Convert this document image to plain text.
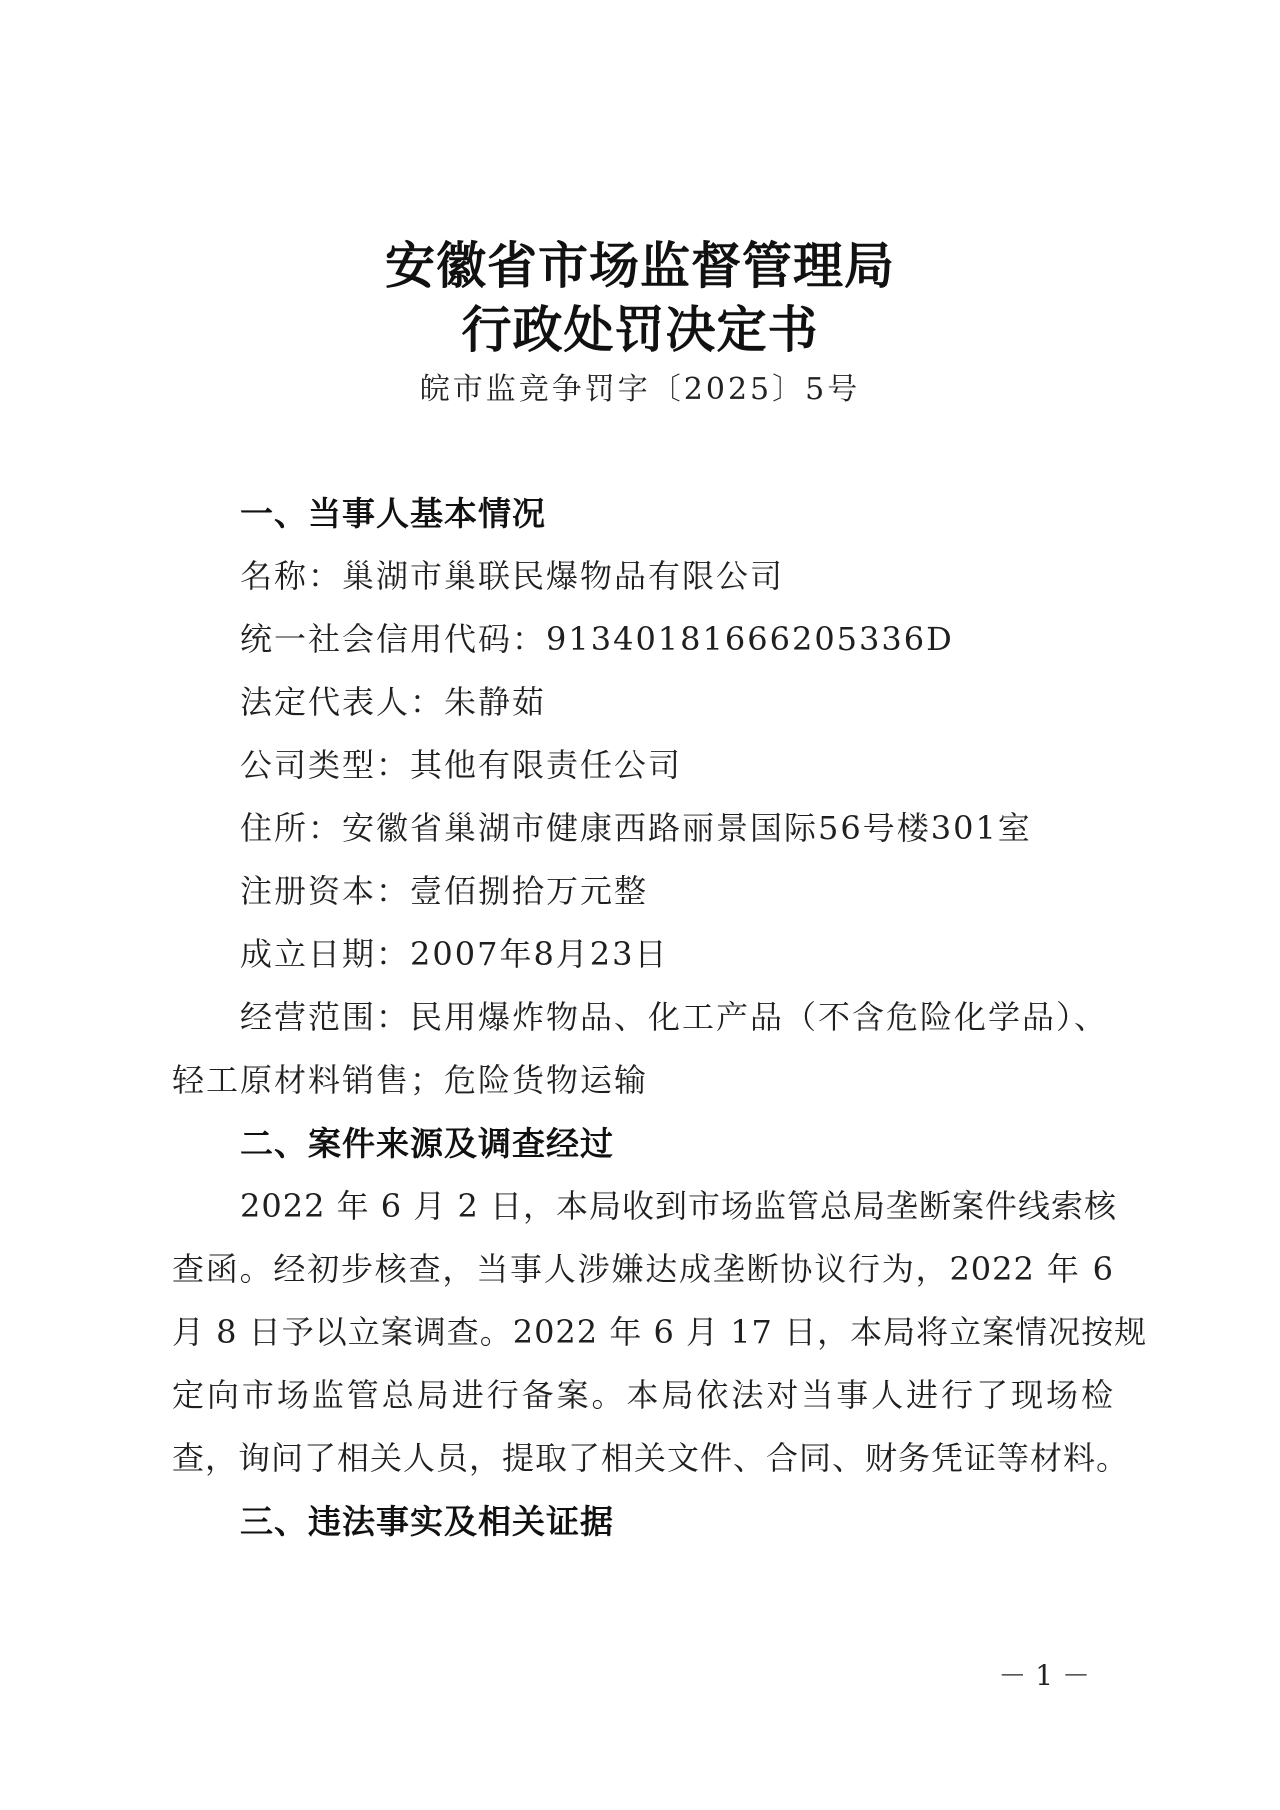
安徽省市场监督管理局
行政处罚决定书
皖市监竞争罚字〔2025〕5号
一、当事人基本情况
名称：巢湖市巢联民爆物品有限公司
统一社会信用代码：91340181666205336D
法定代表人：朱静茹
公司类型：其他有限责任公司
住所：安徽省巢湖市健康西路丽景国际56号楼301室
注册资本：壹佰捌拾万元整
成立日期：2007年8月23日
经营范围：民用爆炸物品、化工产品（不含危险化学品）、
轻工原材料销售；危险货物运输
二、案件来源及调查经过
2022 年 6 月 2 日，本局收到市场监管总局垄断案件线索核
查函。经初步核查，当事人涉嫌达成垄断协议行为，2022 年 6
月 8 日予以立案调查。2022 年 6 月 17 日，本局将立案情况按规
定向市场监管总局进行备案。本局依法对当事人进行了现场检
查，询问了相关人员，提取了相关文件、合同、财务凭证等材料。
三、违法事实及相关证据
－ 1 －
